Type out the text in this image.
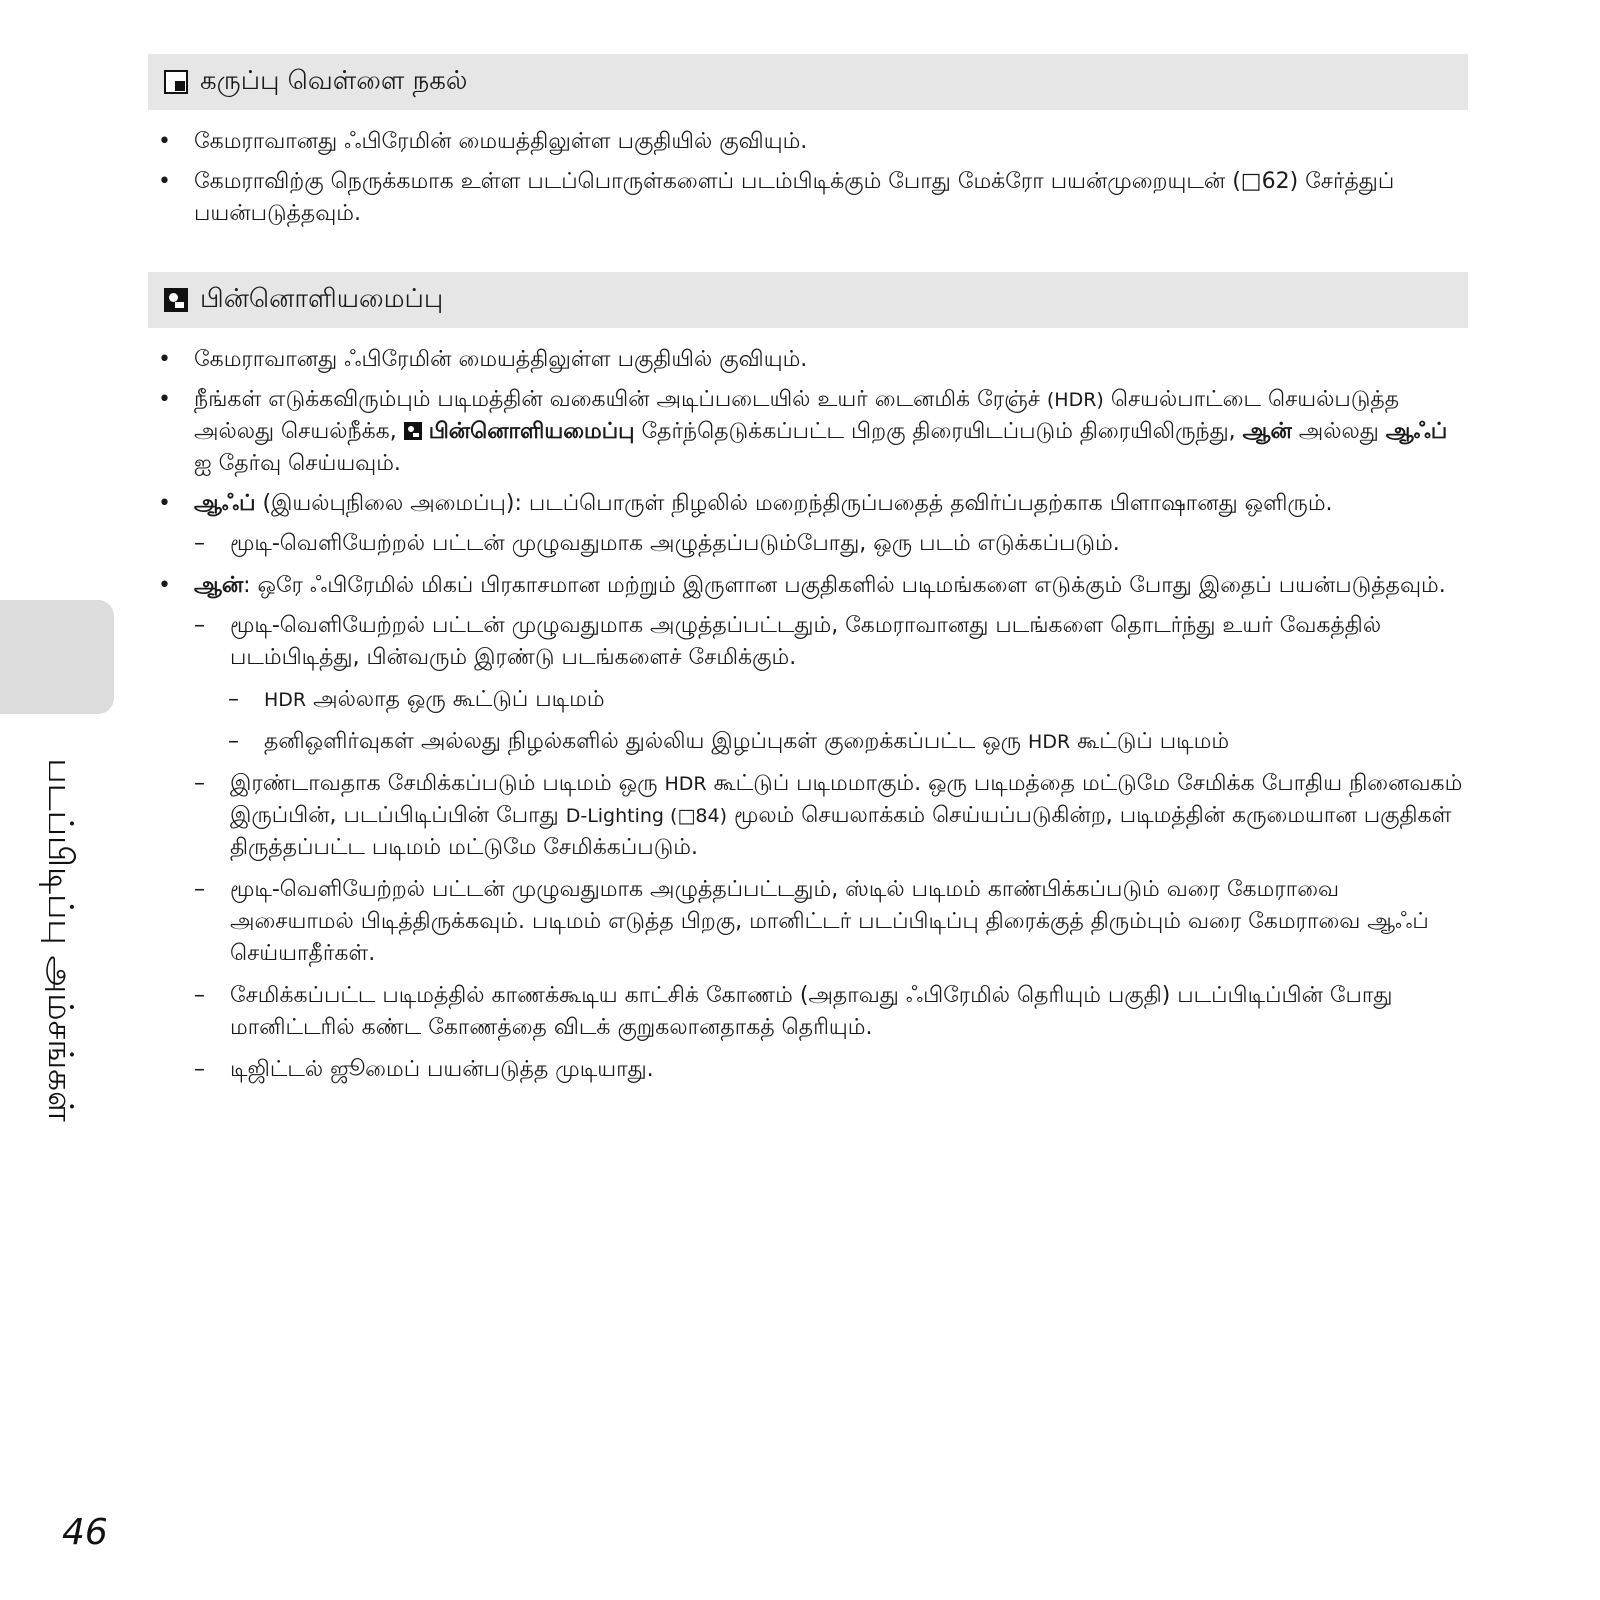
படப்பிடிப்பு அம்சங்கள்
கருப்பு வெள்ளை நகல்
• கேமராவானது ஃபிரேமின் மையத்திலுள்ள பகுதியில் குவியும்.
• கேமராவிற்கு நெருக்கமாக உள்ள படப்பொருள்களைப் படம்பிடிக்கும் போது மேக்ரோ பயன்முறையுடன் (□62) சேர்த்துப் பயன்படுத்தவும்.
பின்னொளியமைப்பு
• கேமராவானது ஃபிரேமின் மையத்திலுள்ள பகுதியில் குவியும்.
• நீங்கள் எடுக்கவிரும்பும் படிமத்தின் வகையின் அடிப்படையில் உயர் டைனமிக் ரேஞ்ச் (HDR) செயல்பாட்டை செயல்படுத்த அல்லது செயல்நீக்க,  பின்னொளியமைப்பு தேர்ந்தெடுக்கப்பட்ட பிறகு திரையிடப்படும் திரையிலிருந்து, ஆன் அல்லது ஆஃப் ஐ தேர்வு செய்யவும்.
• ஆஃப் (இயல்புநிலை அமைப்பு): படப்பொருள் நிழலில் மறைந்திருப்பதைத் தவிர்ப்பதற்காக பிளாஷானது ஒளிரும்.
– மூடி-வெளியேற்றல் பட்டன் முழுவதுமாக அழுத்தப்படும்போது, ஒரு படம் எடுக்கப்படும்.
• ஆன்: ஒரே ஃபிரேமில் மிகப் பிரகாசமான மற்றும் இருளான பகுதிகளில் படிமங்களை எடுக்கும் போது இதைப் பயன்படுத்தவும்.
– மூடி-வெளியேற்றல் பட்டன் முழுவதுமாக அழுத்தப்பட்டதும், கேமராவானது படங்களை தொடர்ந்து உயர் வேகத்தில் படம்பிடித்து, பின்வரும் இரண்டு படங்களைச் சேமிக்கும்.
– HDR அல்லாத ஒரு கூட்டுப் படிமம்
– தனிஒளிர்வுகள் அல்லது நிழல்களில் துல்லிய இழப்புகள் குறைக்கப்பட்ட ஒரு HDR கூட்டுப் படிமம்
– இரண்டாவதாக சேமிக்கப்படும் படிமம் ஒரு HDR கூட்டுப் படிமமாகும். ஒரு படிமத்தை மட்டுமே சேமிக்க போதிய நினைவகம் இருப்பின், படப்பிடிப்பின் போது D-Lighting (□84) மூலம் செயலாக்கம் செய்யப்படுகின்ற, படிமத்தின் கருமையான பகுதிகள் திருத்தப்பட்ட படிமம் மட்டுமே சேமிக்கப்படும்.
– மூடி-வெளியேற்றல் பட்டன் முழுவதுமாக அழுத்தப்பட்டதும், ஸ்டில் படிமம் காண்பிக்கப்படும் வரை கேமராவை அசையாமல் பிடித்திருக்கவும். படிமம் எடுத்த பிறகு, மானிட்டர் படப்பிடிப்பு திரைக்குத் திரும்பும் வரை கேமராவை ஆஃப் செய்யாதீர்கள்.
– சேமிக்கப்பட்ட படிமத்தில் காணக்கூடிய காட்சிக் கோணம் (அதாவது ஃபிரேமில் தெரியும் பகுதி) படப்பிடிப்பின் போது மானிட்டரில் கண்ட கோணத்தை விடக் குறுகலானதாகத் தெரியும்.
– டிஜிட்டல் ஜூமைப் பயன்படுத்த முடியாது.
46
